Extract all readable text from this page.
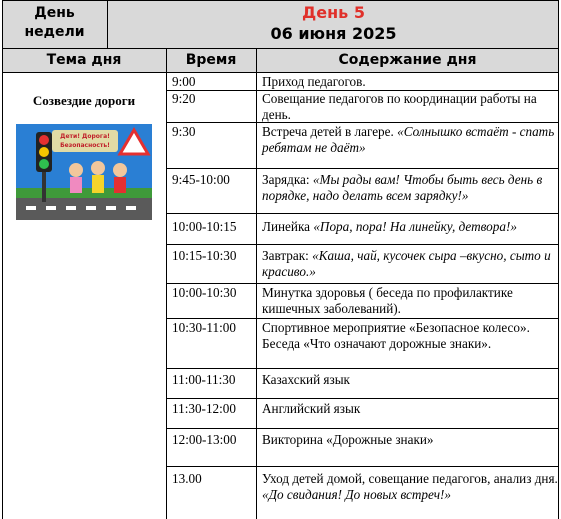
День
недели
День 5
06 июня 2025
Тема дня	Время	Содержание дня
Созвездие дороги
Дети! Дорога!
Безопасность!
9:00	Приход педагогов.
9:20	Совещание педагогов по координации работы на день.
9:30	Встреча детей в лагере. «Солнышко встаёт - спать ребятам не даёт»
9:45-10:00 Зарядка: «Мы рады вам! Чтобы быть весь день в порядке, надо делать всем зарядку!»
10:00-10:15 Линейка «Пора, пора! На линейку, детвора!»
10:15-10:30 Завтрак: «Каша, чай, кусочек сыра –вкусно, сыто и красиво.»
10:00-10:30 Минутка здоровья ( беседа по профилактике кишечных заболеваний).
10:30-11:00 Спортивное мероприятие «Безопасное колесо». Беседа «Что означают дорожные знаки».
11:00-11:30 Казахский язык
11:30-12:00 Английский язык
12:00-13:00 Викторина «Дорожные знаки»
13.00	Уход детей домой, совещание педагогов, анализ дня. «До свидания! До новых встреч!»
